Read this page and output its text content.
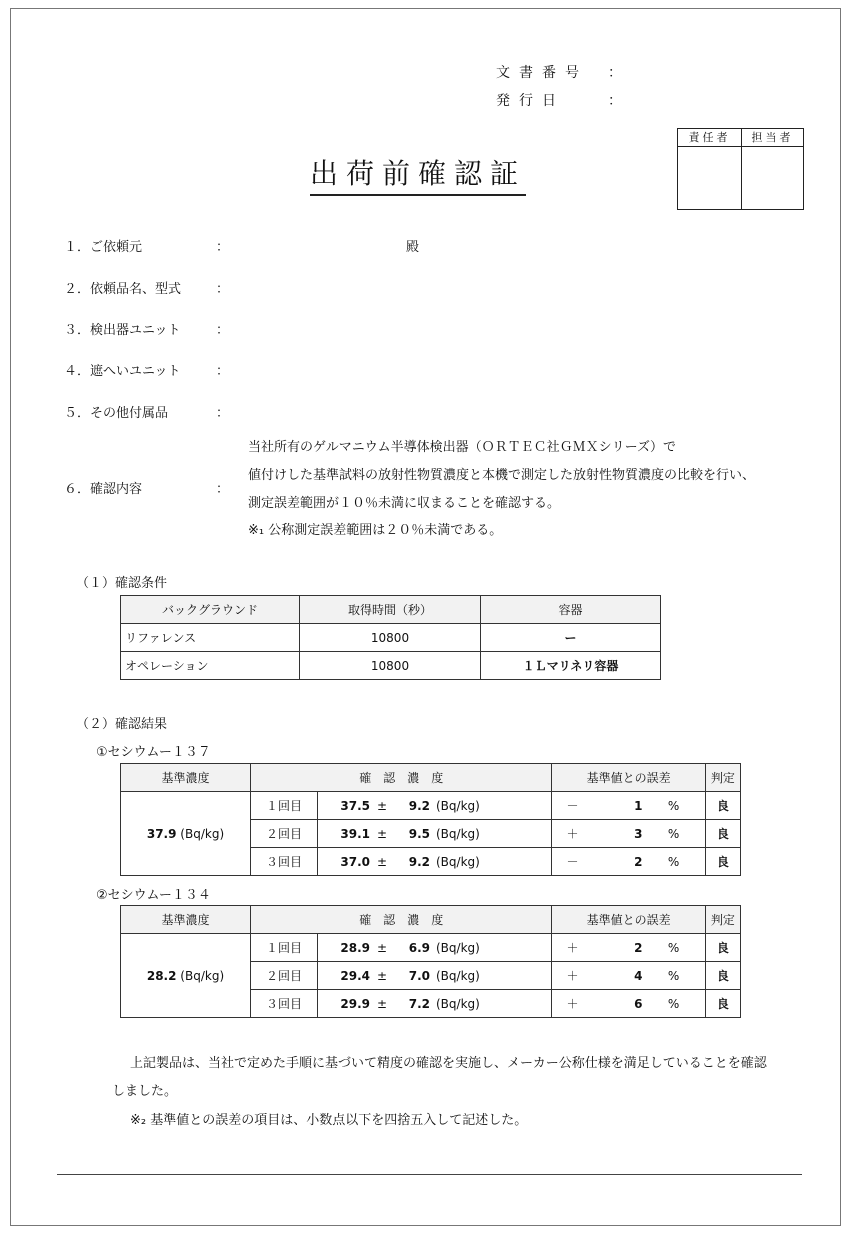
文書番号 ：
発行日	：
責任者	担当者
出荷前確認証
１．ご依頼元	：	殿
２．依頼品名、型式	：
３．検出器ユニット	：
４．遮へいユニット	：
５．その他付属品	：
６．確認内容	：
当社所有のゲルマニウム半導体検出器（ＯＲＴＥＣ社ＧＭＸシリーズ）で
値付けした基準試料の放射性物質濃度と本機で測定した放射性物質濃度の比較を行い、
測定誤差範囲が１０％未満に収まることを確認する。
※₁ 公称測定誤差範囲は２０％未満である。
（１）確認条件
バックグラウンド	取得時間（秒）	容器
リファレンス	10800	ー
オペレーション	10800	１Ｌマリネリ容器
（２）確認結果
①セシウムー１３７
基準濃度	確　認　濃　度					基準値との誤差			判定
37.9 (Bq/kg)	１回目	37.5	±	9.2	(Bq/kg)	－	1	%	良
	２回目	39.1	±	9.5	(Bq/kg)	＋	3	%	良
	３回目	37.0	±	9.2	(Bq/kg)	－	2	%	良
②セシウムー１３４
基準濃度	確　認　濃　度					基準値との誤差			判定
28.2 (Bq/kg)	１回目	28.9	±	6.9	(Bq/kg)	＋	2	%	良
	２回目	29.4	±	7.0	(Bq/kg)	＋	4	%	良
	３回目	29.9	±	7.2	(Bq/kg)	＋	6	%	良
上記製品は、当社で定めた手順に基づいて精度の確認を実施し、メーカー公称仕様を満足していることを確認
しました。
※₂ 基準値との誤差の項目は、小数点以下を四捨五入して記述した。
